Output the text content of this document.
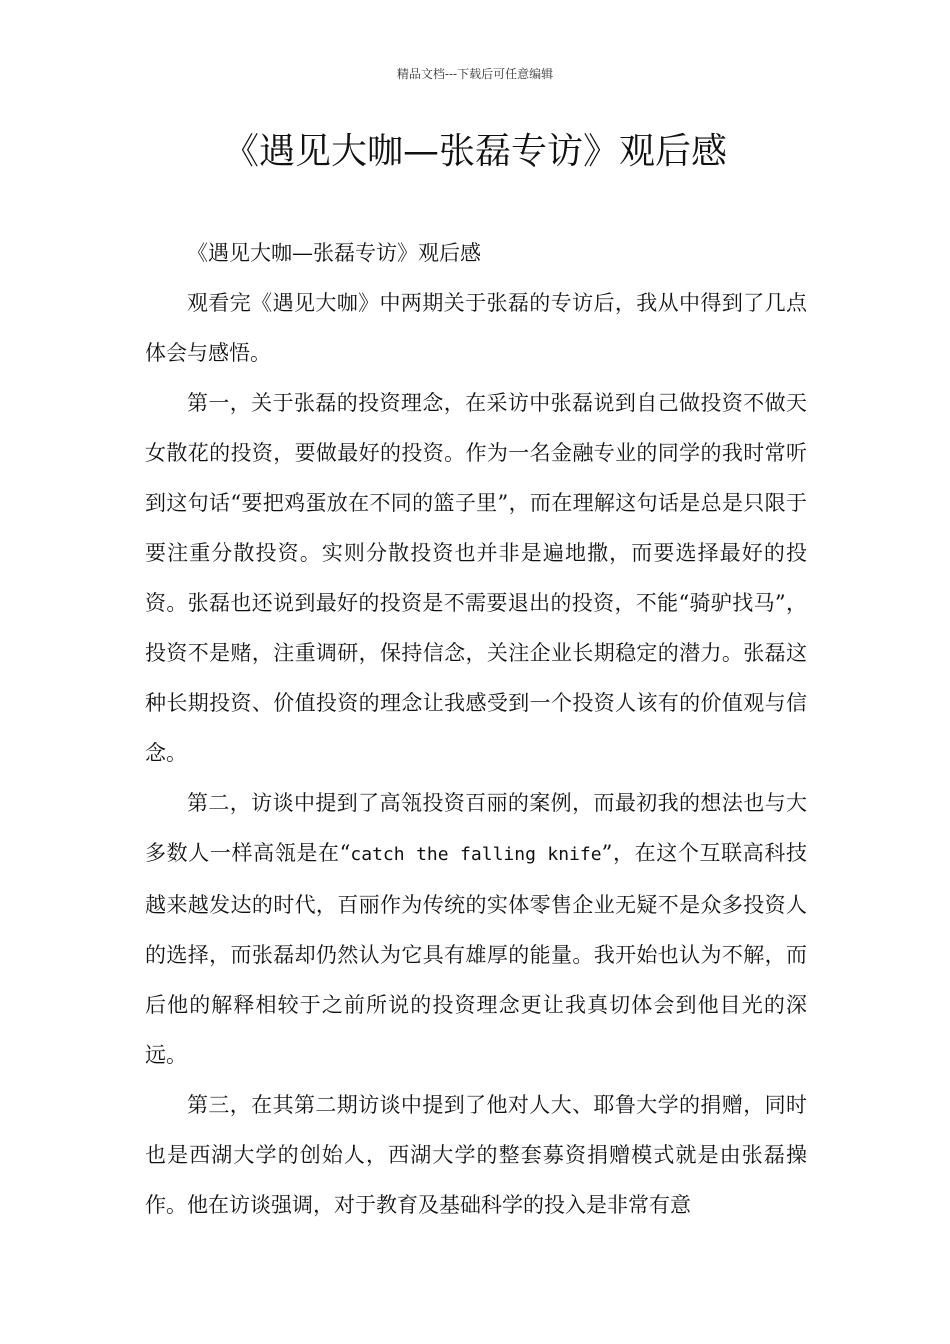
精品文档---下载后可任意编辑
《遇见大咖—张磊专访》观后感

《遇见大咖—张磊专访》观后感

观看完《遇见大咖》中两期关于张磊的专访后，我从中得到了几点体会与感悟。

第一，关于张磊的投资理念，在采访中张磊说到自己做投资不做天女散花的投资，要做最好的投资。作为一名金融专业的同学的我时常听到这句话“要把鸡蛋放在不同的篮子里”，而在理解这句话是总是只限于要注重分散投资。实则分散投资也并非是遍地撒，而要选择最好的投资。张磊也还说到最好的投资是不需要退出的投资，不能“骑驴找马”，投资不是赌，注重调研，保持信念，关注企业长期稳定的潜力。张磊这种长期投资、价值投资的理念让我感受到一个投资人该有的价值观与信念。

第二，访谈中提到了高瓴投资百丽的案例，而最初我的想法也与大多数人一样高瓴是在“catch the falling knife”，在这个互联高科技越来越发达的时代，百丽作为传统的实体零售企业无疑不是众多投资人的选择，而张磊却仍然认为它具有雄厚的能量。我开始也认为不解，而后他的解释相较于之前所说的投资理念更让我真切体会到他目光的深远。

第三，在其第二期访谈中提到了他对人大、耶鲁大学的捐赠，同时也是西湖大学的创始人，西湖大学的整套募资捐赠模式就是由张磊操作。他在访谈强调，对于教育及基础科学的投入是非常有意
